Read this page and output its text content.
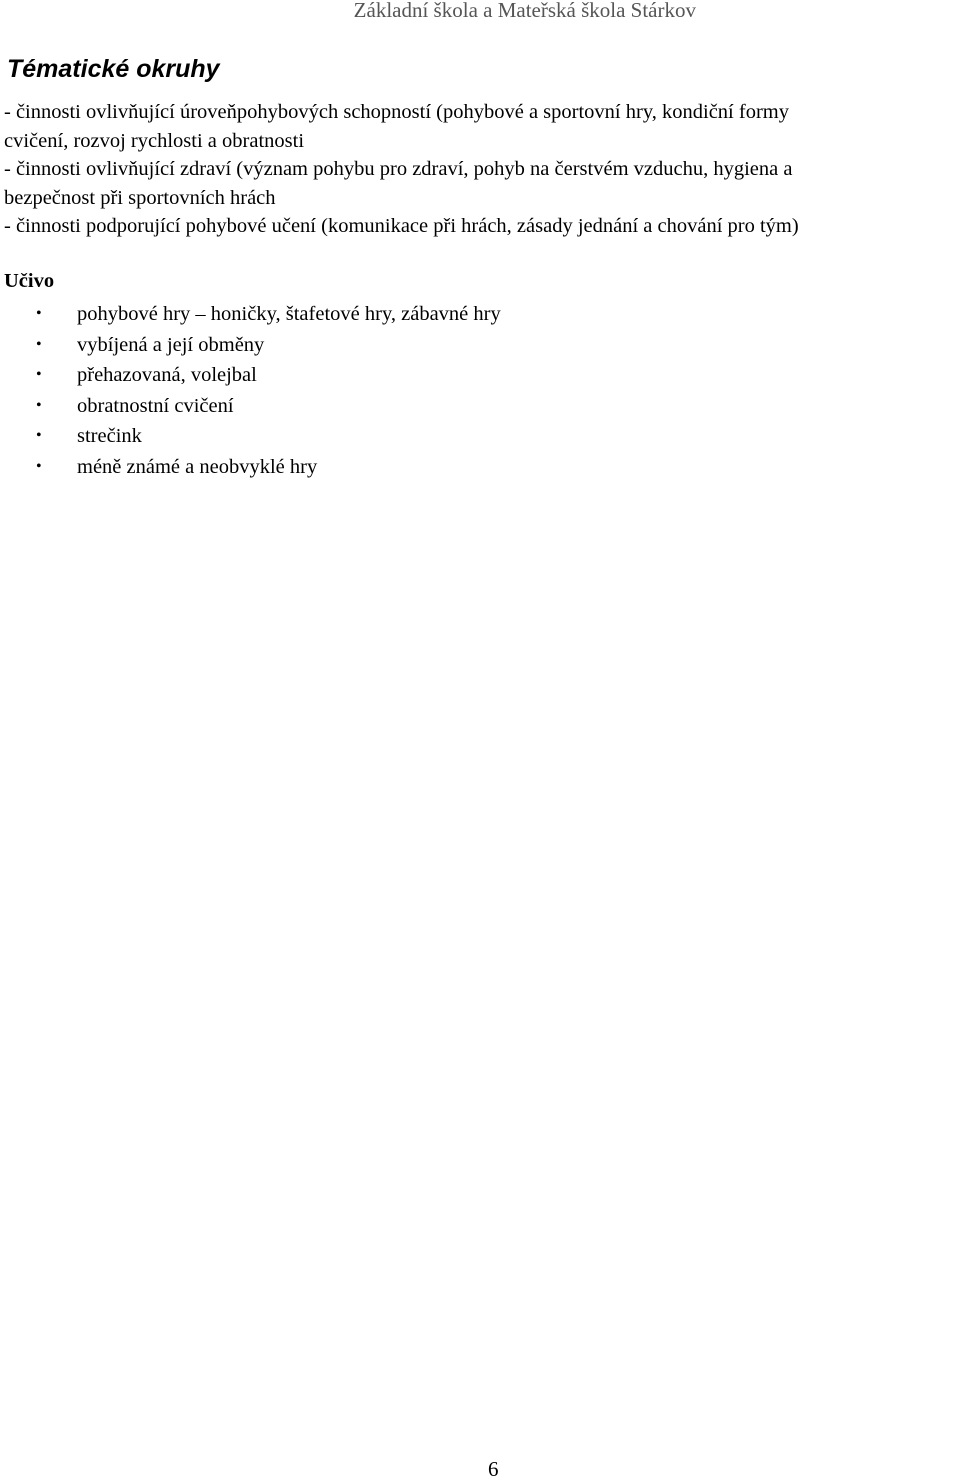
Základní škola a Mateřská škola Stárkov
Tématické okruhy
- činnosti ovlivňující úroveňpohybových schopností (pohybové a sportovní hry, kondiční formy
cvičení, rozvoj rychlosti a obratnosti
- činnosti ovlivňující zdraví (význam pohybu pro zdraví, pohyb na čerstvém vzduchu, hygiena a
bezpečnost při sportovních hrách
- činnosti podporující pohybové učení (komunikace při hrách, zásady jednání a chování pro tým)
Učivo
• pohybové hry – honičky, štafetové hry, zábavné hry
• vybíjená a její obměny
• přehazovaná, volejbal
• obratnostní cvičení
• strečink
• méně známé a neobvyklé hry
6
